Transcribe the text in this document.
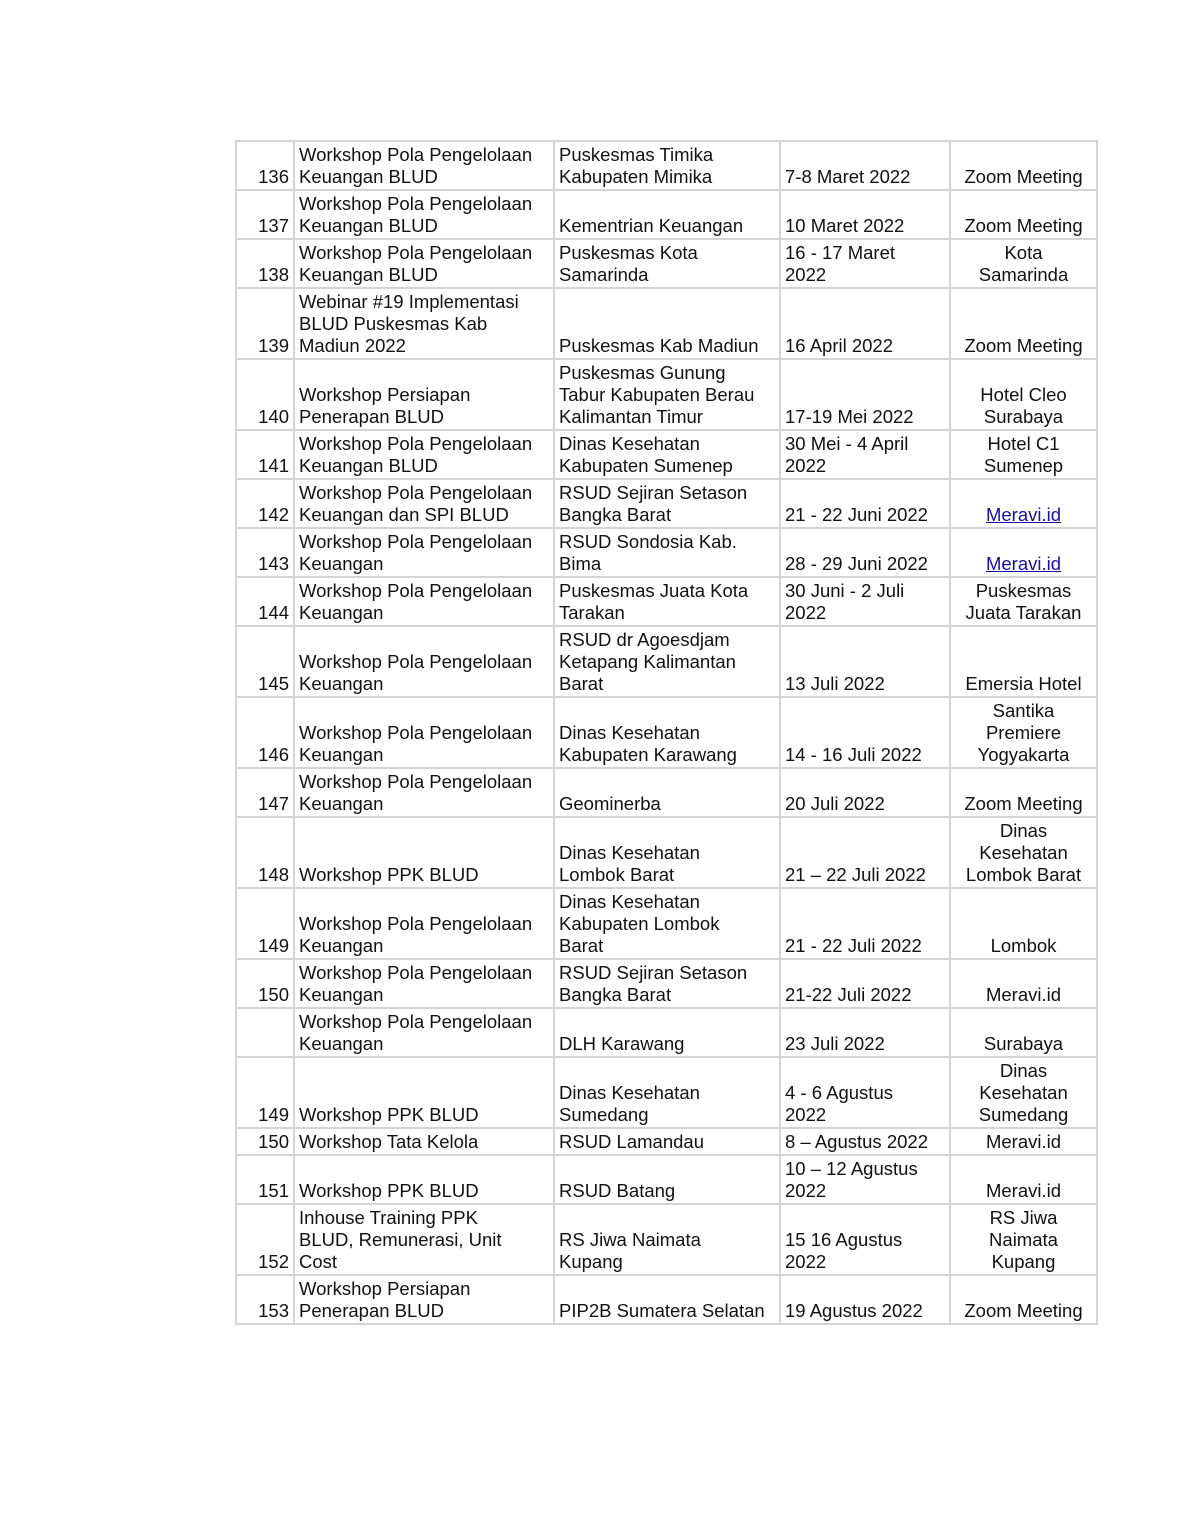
136	Workshop Pola Pengelolaan
Keuangan BLUD	Puskesmas Timika
Kabupaten Mimika	7-8 Maret 2022	Zoom Meeting

137	Workshop Pola Pengelolaan
Keuangan BLUD	Kementrian Keuangan	10 Maret 2022	Zoom Meeting

138	Workshop Pola Pengelolaan
Keuangan BLUD	Puskesmas Kota
Samarinda	16 - 17 Maret
2022	Kota
Samarinda

139	Webinar #19 Implementasi
BLUD Puskesmas Kab
Madiun 2022	Puskesmas Kab Madiun	16 April 2022	Zoom Meeting

140	Workshop Persiapan
Penerapan BLUD	Puskesmas Gunung
Tabur Kabupaten Berau
Kalimantan Timur	17-19 Mei 2022	Hotel Cleo
Surabaya

141	Workshop Pola Pengelolaan
Keuangan BLUD	Dinas Kesehatan
Kabupaten Sumenep	30 Mei - 4 April
2022	Hotel C1
Sumenep

142	Workshop Pola Pengelolaan
Keuangan dan SPI BLUD	RSUD Sejiran Setason
Bangka Barat	21 - 22 Juni 2022	Meravi.id

143	Workshop Pola Pengelolaan
Keuangan	RSUD Sondosia Kab.
Bima	28 - 29 Juni 2022	Meravi.id

144	Workshop Pola Pengelolaan
Keuangan	Puskesmas Juata Kota
Tarakan	30 Juni - 2 Juli
2022	Puskesmas
Juata Tarakan

145	Workshop Pola Pengelolaan
Keuangan	RSUD dr Agoesdjam
Ketapang Kalimantan
Barat	13 Juli 2022	Emersia Hotel

146	Workshop Pola Pengelolaan
Keuangan	Dinas Kesehatan
Kabupaten Karawang	14 - 16 Juli 2022	Santika
Premiere
Yogyakarta

147	Workshop Pola Pengelolaan
Keuangan	Geominerba	20 Juli 2022	Zoom Meeting

148	Workshop PPK BLUD	Dinas Kesehatan
Lombok Barat	21 – 22 Juli 2022	Dinas
Kesehatan
Lombok Barat

149	Workshop Pola Pengelolaan
Keuangan	Dinas Kesehatan
Kabupaten Lombok
Barat	21 - 22 Juli 2022	Lombok

150	Workshop Pola Pengelolaan
Keuangan	RSUD Sejiran Setason
Bangka Barat	21-22 Juli 2022	Meravi.id

	Workshop Pola Pengelolaan
Keuangan	DLH Karawang	23 Juli 2022	Surabaya

149	Workshop PPK BLUD	Dinas Kesehatan
Sumedang	4 - 6 Agustus
2022	Dinas
Kesehatan
Sumedang

150	Workshop Tata Kelola	RSUD Lamandau	8 – Agustus 2022	Meravi.id

151	Workshop PPK BLUD	RSUD Batang	10 – 12 Agustus
2022	Meravi.id

152	Inhouse Training PPK
BLUD, Remunerasi, Unit
Cost	RS Jiwa Naimata
Kupang	15 16 Agustus
2022	RS Jiwa
Naimata
Kupang

153	Workshop Persiapan
Penerapan BLUD	PIP2B Sumatera Selatan	19 Agustus 2022	Zoom Meeting
